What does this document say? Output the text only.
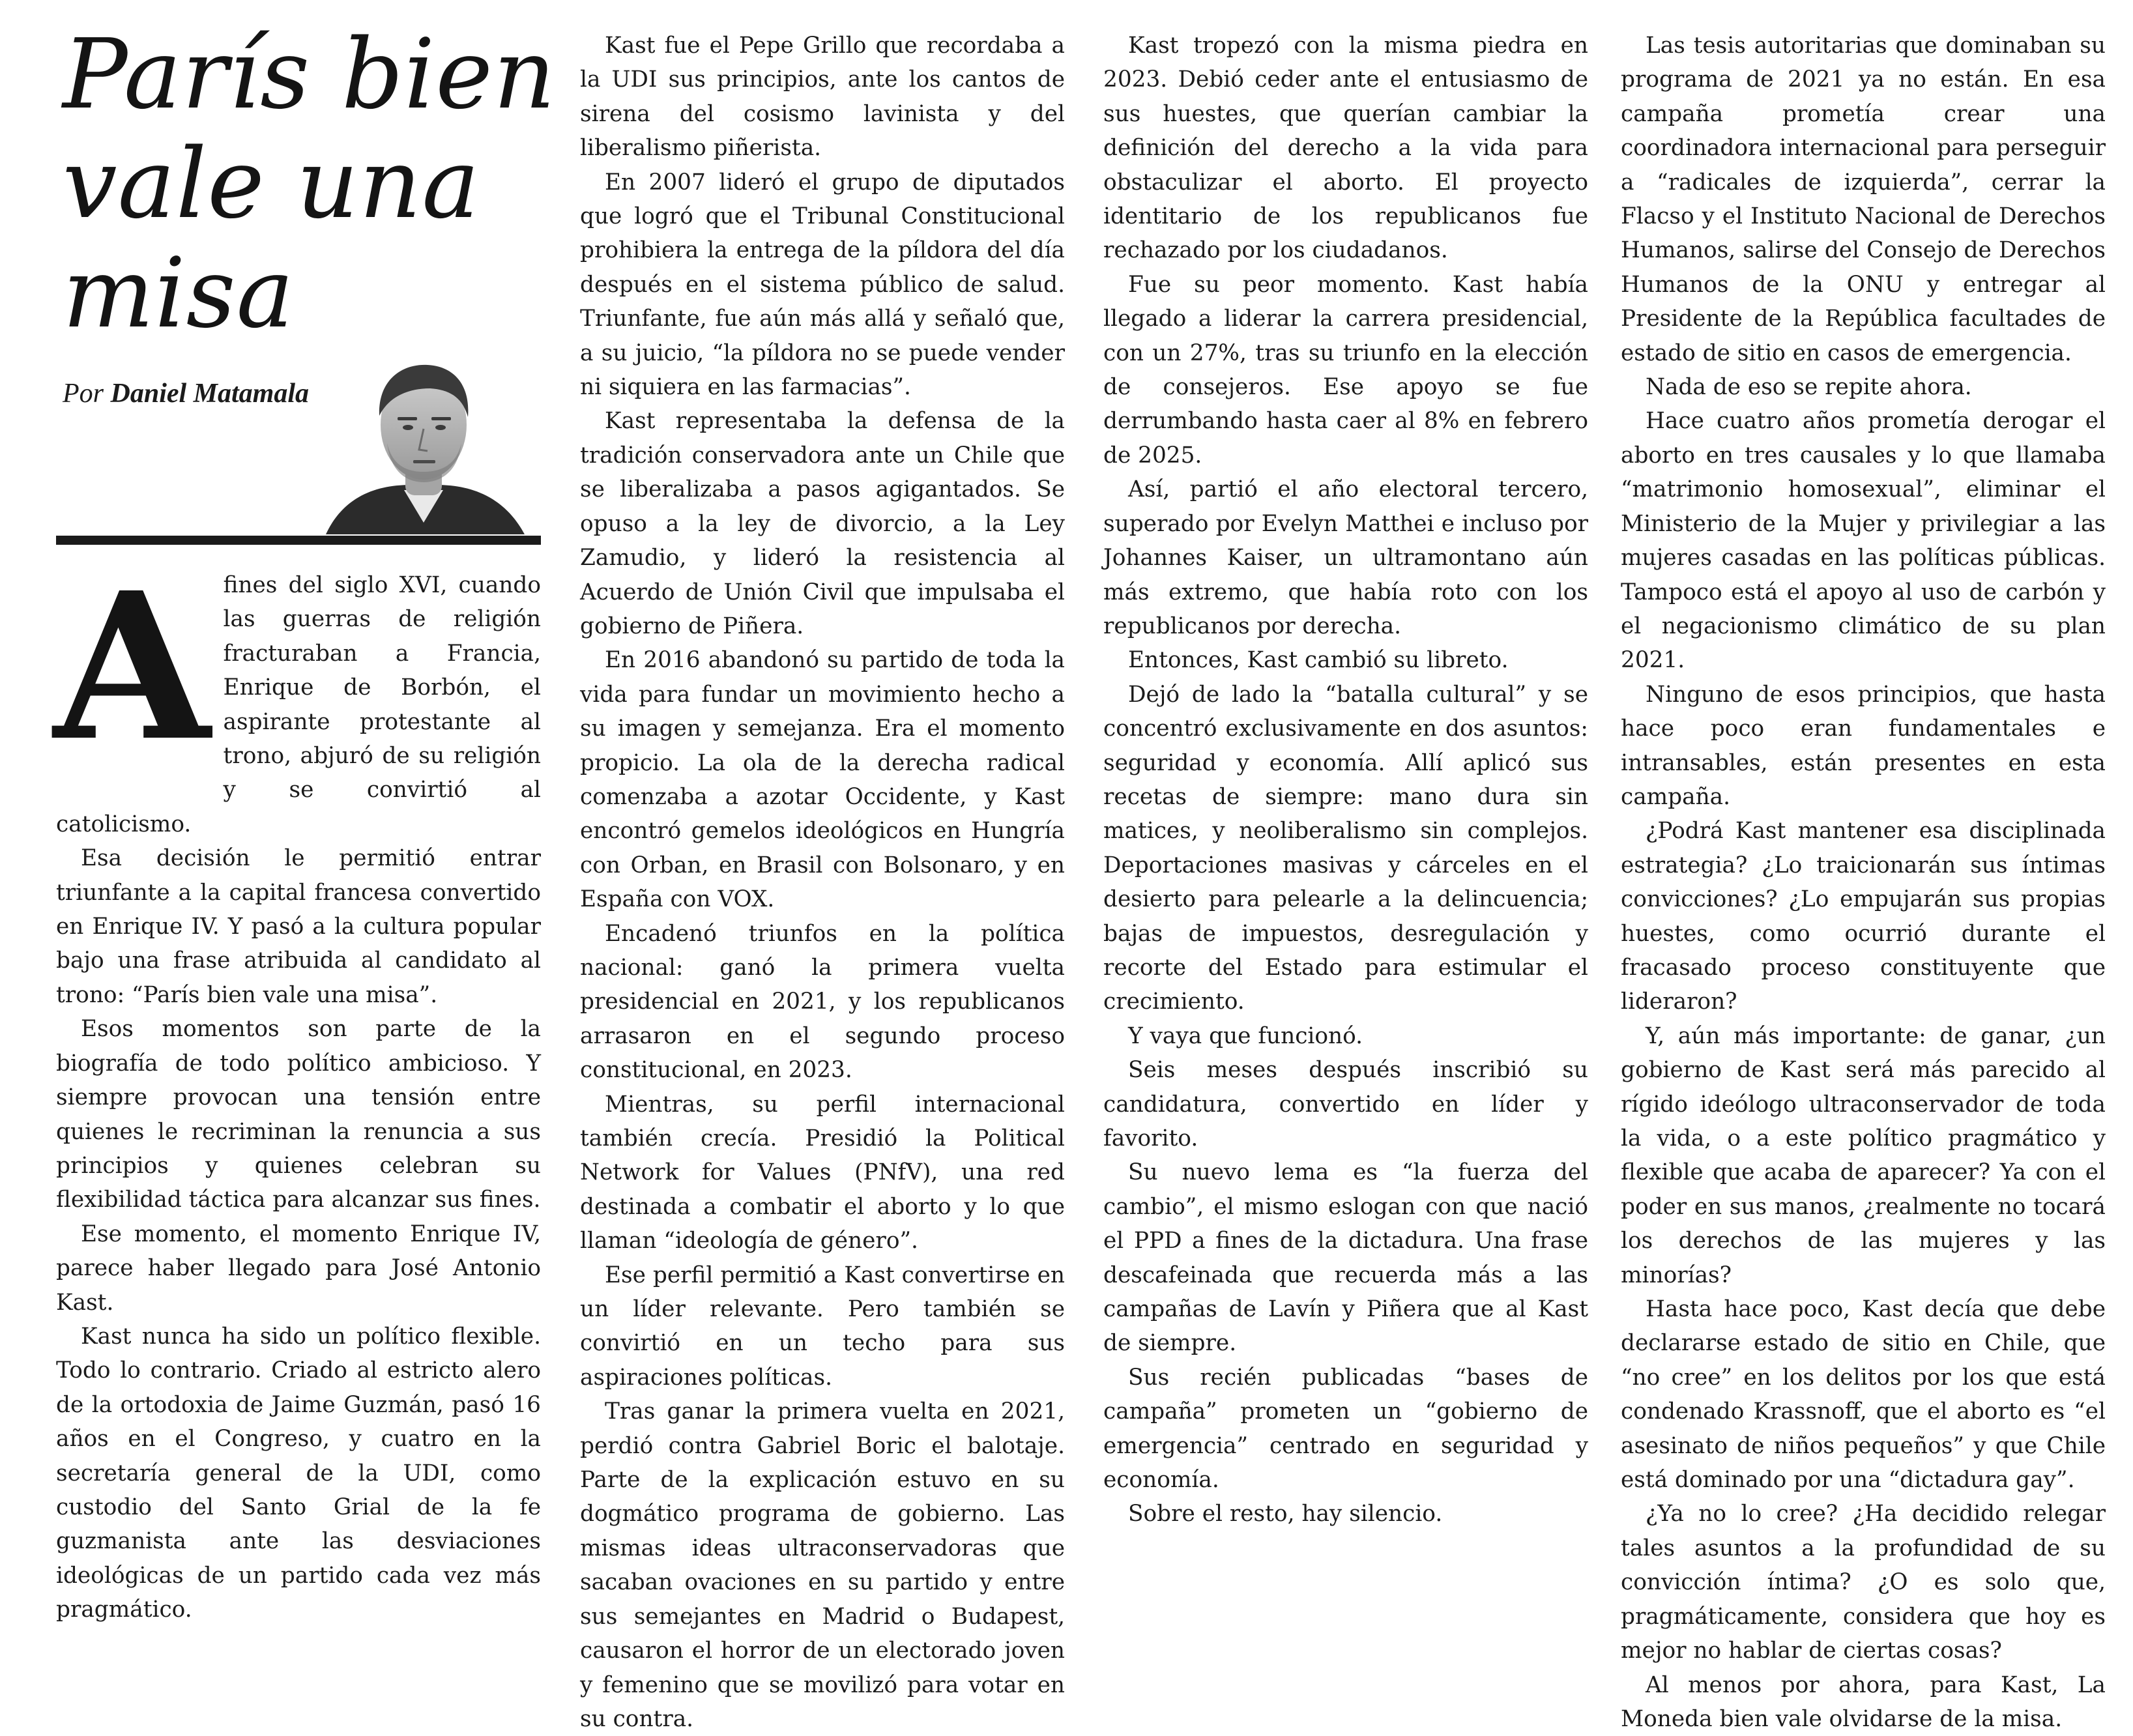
París bien vale una misa
Por Daniel Matamala

Afines del siglo XVI, cuando las guerras de religión fracturaban a Francia, Enrique de Borbón, el aspirante protestante al trono, abjuró de su religión y se convirtió al catolicismo.

Esa decisión le permitió entrar triunfante a la capital francesa convertido en Enrique IV. Y pasó a la cultura popular bajo una frase atribuida al candidato al trono: “París bien vale una misa”.

Esos momentos son parte de la biografía de todo político ambicioso. Y siempre provocan una tensión entre quienes le recriminan la renuncia a sus principios y quienes celebran su flexibilidad táctica para alcanzar sus fines.

Ese momento, el momento Enrique IV, parece haber llegado para José Antonio Kast.

Kast nunca ha sido un político flexible. Todo lo contrario. Criado al estricto alero de la ortodoxia de Jaime Guzmán, pasó 16 años en el Congreso, y cuatro en la secretaría general de la UDI, como custodio del Santo Grial de la fe guzmanista ante las desviaciones ideológicas de un partido cada vez más pragmático.

Kast fue el Pepe Grillo que recordaba a la UDI sus principios, ante los cantos de sirena del cosismo lavinista y del liberalismo piñerista.

En 2007 lideró el grupo de diputados que logró que el Tribunal Constitucional prohibiera la entrega de la píldora del día después en el sistema público de salud. Triunfante, fue aún más allá y señaló que, a su juicio, “la píldora no se puede vender ni siquiera en las farmacias”.

Kast representaba la defensa de la tradición conservadora ante un Chile que se liberalizaba a pasos agigantados. Se opuso a la ley de divorcio, a la Ley Zamudio, y lideró la resistencia al Acuerdo de Unión Civil que impulsaba el gobierno de Piñera.

En 2016 abandonó su partido de toda la vida para fundar un movimiento hecho a su imagen y semejanza. Era el momento propicio. La ola de la derecha radical comenzaba a azotar Occidente, y Kast encontró gemelos ideológicos en Hungría con Orban, en Brasil con Bolsonaro, y en España con VOX.

Encadenó triunfos en la política nacional: ganó la primera vuelta presidencial en 2021, y los republicanos arrasaron en el segundo proceso constitucional, en 2023.

Mientras, su perfil internacional también crecía. Presidió la Political Network for Values (PNfV), una red destinada a combatir el aborto y lo que llaman “ideología de género”.

Ese perfil permitió a Kast convertirse en un líder relevante. Pero también se convirtió en un techo para sus aspiraciones políticas.

Tras ganar la primera vuelta en 2021, perdió contra Gabriel Boric el balotaje. Parte de la explicación estuvo en su dogmático programa de gobierno. Las mismas ideas ultraconservadoras que sacaban ovaciones en su partido y entre sus semejantes en Madrid o Budapest, causaron el horror de un electorado joven y femenino que se movilizó para votar en su contra.

Kast tropezó con la misma piedra en 2023. Debió ceder ante el entusiasmo de sus huestes, que querían cambiar la definición del derecho a la vida para obstaculizar el aborto. El proyecto identitario de los republicanos fue rechazado por los ciudadanos.

Fue su peor momento. Kast había llegado a liderar la carrera presidencial, con un 27%, tras su triunfo en la elección de consejeros. Ese apoyo se fue derrumbando hasta caer al 8% en febrero de 2025.

Así, partió el año electoral tercero, superado por Evelyn Matthei e incluso por Johannes Kaiser, un ultramontano aún más extremo, que había roto con los republicanos por derecha.

Entonces, Kast cambió su libreto.

Dejó de lado la “batalla cultural” y se concentró exclusivamente en dos asuntos: seguridad y economía. Allí aplicó sus recetas de siempre: mano dura sin matices, y neoliberalismo sin complejos. Deportaciones masivas y cárceles en el desierto para pelearle a la delincuencia; bajas de impuestos, desregulación y recorte del Estado para estimular el crecimiento.

Y vaya que funcionó.

Seis meses después inscribió su candidatura, convertido en líder y favorito.

Su nuevo lema es “la fuerza del cambio”, el mismo eslogan con que nació el PPD a fines de la dictadura. Una frase descafeinada que recuerda más a las campañas de Lavín y Piñera que al Kast de siempre.

Sus recién publicadas “bases de campaña” prometen un “gobierno de emergencia” centrado en seguridad y economía.

Sobre el resto, hay silencio.

Las tesis autoritarias que dominaban su programa de 2021 ya no están. En esa campaña prometía crear una coordinadora internacional para perseguir a “radicales de izquierda”, cerrar la Flacso y el Instituto Nacional de Derechos Humanos, salirse del Consejo de Derechos Humanos de la ONU y entregar al Presidente de la República facultades de estado de sitio en casos de emergencia.

Nada de eso se repite ahora.

Hace cuatro años prometía derogar el aborto en tres causales y lo que llamaba “matrimonio homosexual”, eliminar el Ministerio de la Mujer y privilegiar a las mujeres casadas en las políticas públicas. Tampoco está el apoyo al uso de carbón y el negacionismo climático de su plan 2021.

Ninguno de esos principios, que hasta hace poco eran fundamentales e intransables, están presentes en esta campaña.

¿Podrá Kast mantener esa disciplinada estrategia? ¿Lo traicionarán sus íntimas convicciones? ¿Lo empujarán sus propias huestes, como ocurrió durante el fracasado proceso constituyente que lideraron?

Y, aún más importante: de ganar, ¿un gobierno de Kast será más parecido al rígido ideólogo ultraconservador de toda la vida, o a este político pragmático y flexible que acaba de aparecer? Ya con el poder en sus manos, ¿realmente no tocará los derechos de las mujeres y las minorías?

Hasta hace poco, Kast decía que debe declararse estado de sitio en Chile, que “no cree” en los delitos por los que está condenado Krassnoff, que el aborto es “el asesinato de niños pequeños” y que Chile está dominado por una “dictadura gay”.

¿Ya no lo cree? ¿Ha decidido relegar tales asuntos a la profundidad de su convicción íntima? ¿O es solo que, pragmáticamente, considera que hoy es mejor no hablar de ciertas cosas?

Al menos por ahora, para Kast, La Moneda bien vale olvidarse de la misa.
